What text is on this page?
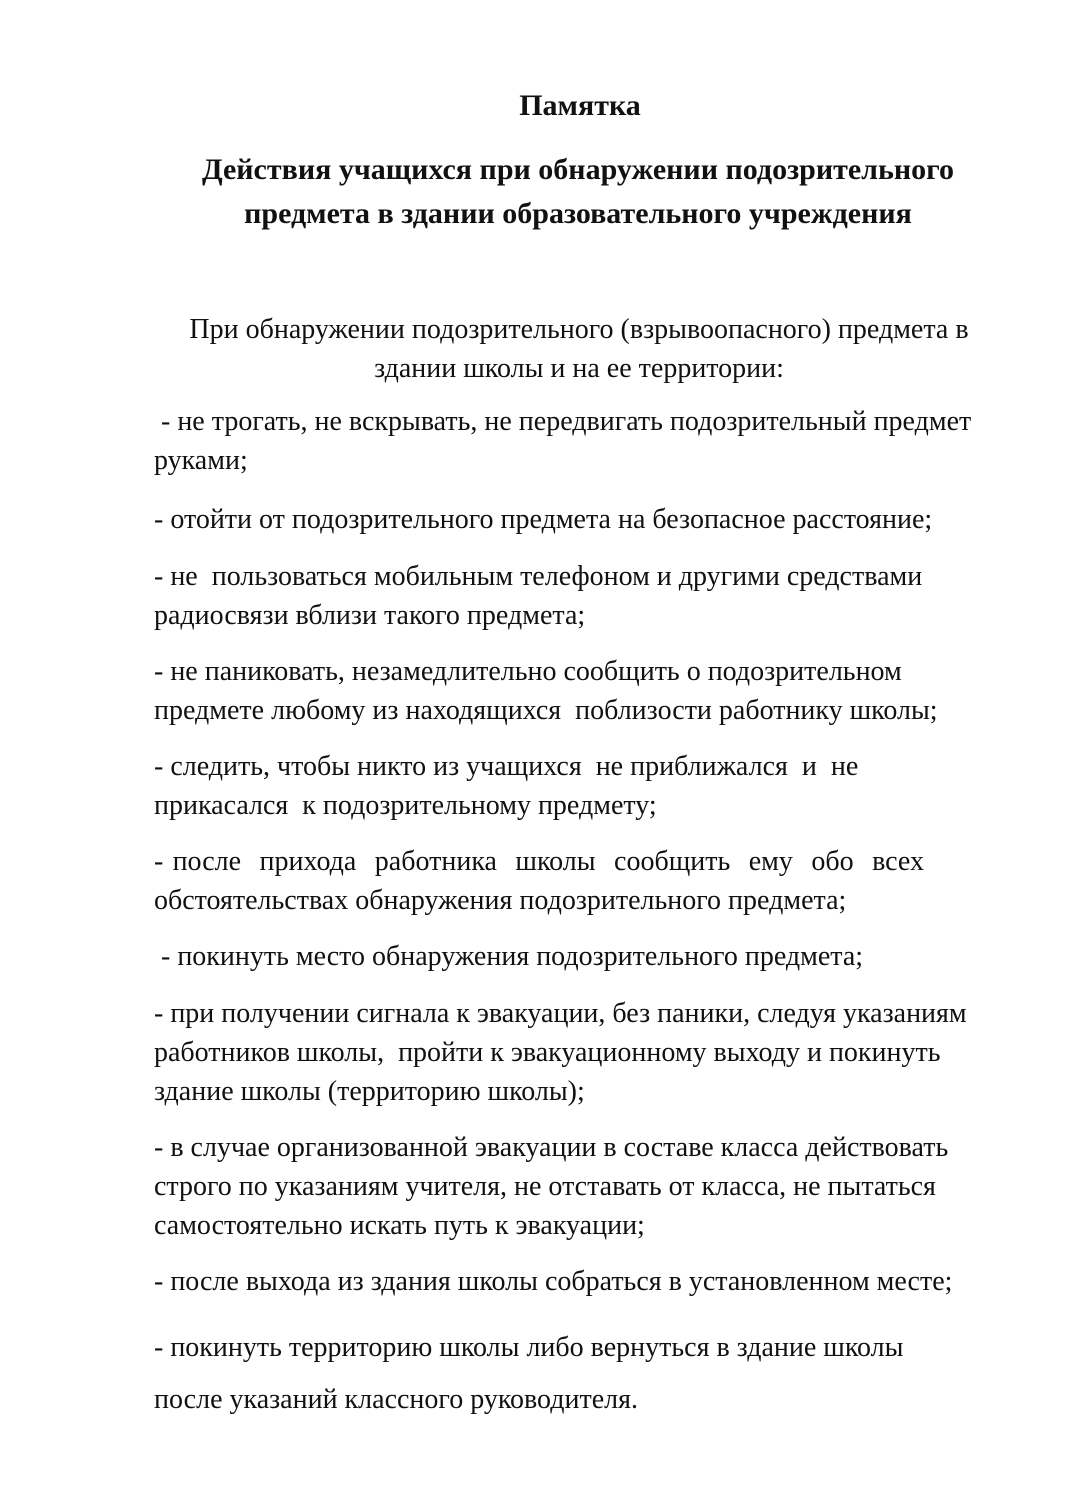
Памятка
Действия учащихся при обнаружении подозрительного предмета в здании образовательного учреждения
При обнаружении подозрительного (взрывоопасного) предмета в здании школы и на ее территории:
- не трогать, не вскрывать, не передвигать подозрительный предмет руками;
- отойти от подозрительного предмета на безопасное расстояние;
- не  пользоваться мобильным телефоном и другими средствами радиосвязи вблизи такого предмета;
- не паниковать, незамедлительно сообщить о подозрительном предмете любому из находящихся  поблизости работнику школы;
- следить, чтобы никто из учащихся  не приближался  и  не прикасался  к подозрительному предмету;
- после  прихода  работника  школы  сообщить  ему  обо  всех обстоятельствах обнаружения подозрительного предмета;
- покинуть место обнаружения подозрительного предмета;
- при получении сигнала к эвакуации, без паники, следуя указаниям работников школы,  пройти к эвакуационному выходу и покинуть здание школы (территорию школы);
- в случае организованной эвакуации в составе класса действовать строго по указаниям учителя, не отставать от класса, не пытаться самостоятельно искать путь к эвакуации;
- после выхода из здания школы собраться в установленном месте;
- покинуть территорию школы либо вернуться в здание школы после указаний классного руководителя.
